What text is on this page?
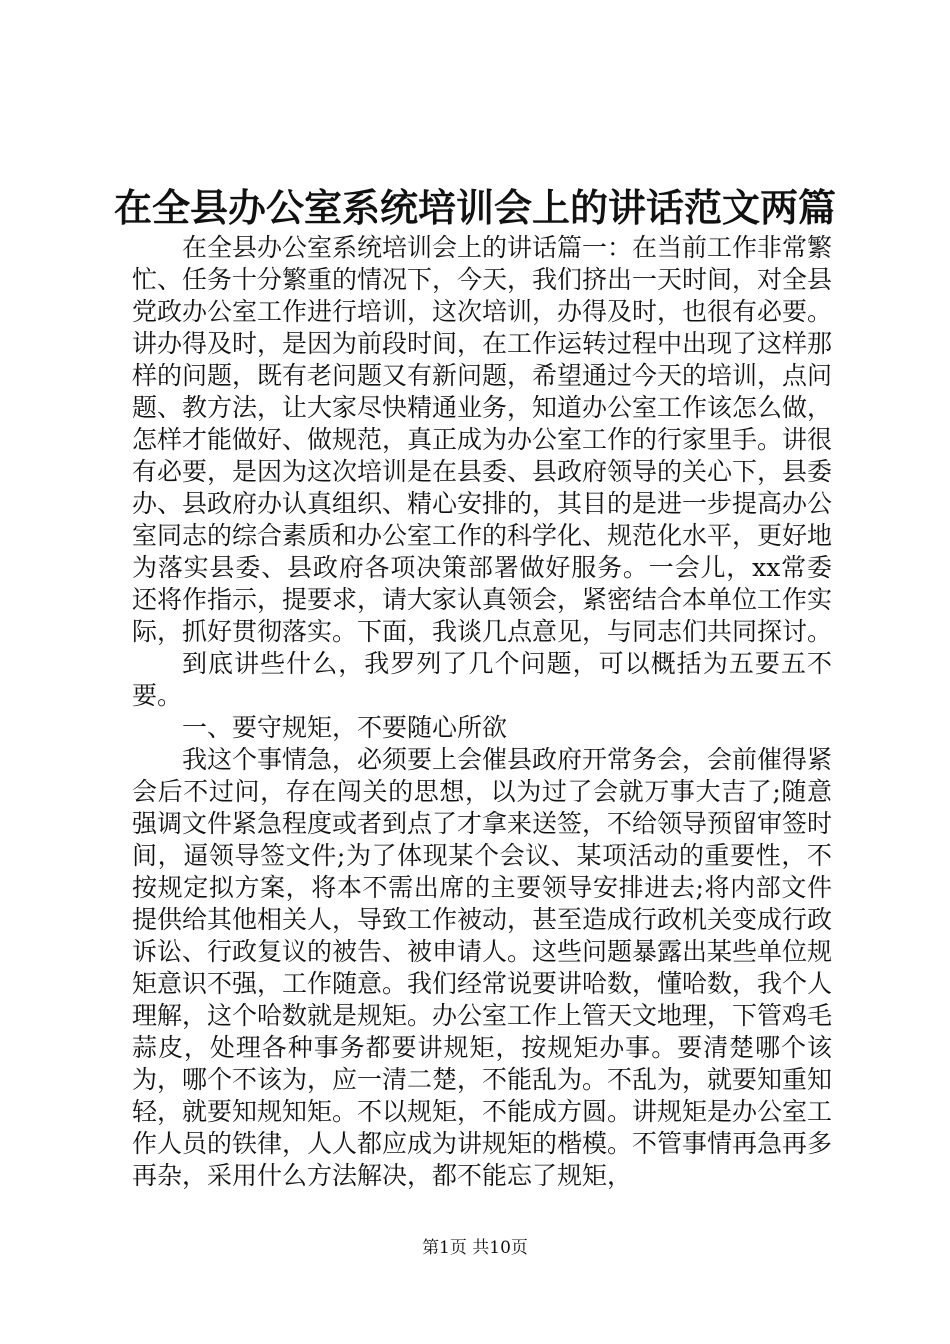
在全县办公室系统培训会上的讲话范文两篇

在全县办公室系统培训会上的讲话篇一：在当前工作非常繁忙、任务十分繁重的情况下，今天，我们挤出一天时间，对全县党政办公室工作进行培训，这次培训，办得及时，也很有必要。讲办得及时，是因为前段时间，在工作运转过程中出现了这样那样的问题，既有老问题又有新问题，希望通过今天的培训，点问题、教方法，让大家尽快精通业务，知道办公室工作该怎么做，怎样才能做好、做规范，真正成为办公室工作的行家里手。讲很有必要，是因为这次培训是在县委、县政府领导的关心下，县委办、县政府办认真组织、精心安排的，其目的是进一步提高办公室同志的综合素质和办公室工作的科学化、规范化水平，更好地为落实县委、县政府各项决策部署做好服务。一会儿，xx常委还将作指示，提要求，请大家认真领会，紧密结合本单位工作实际，抓好贯彻落实。下面，我谈几点意见，与同志们共同探讨。

到底讲些什么，我罗列了几个问题，可以概括为五要五不要。

一、要守规矩，不要随心所欲

我这个事情急，必须要上会催县政府开常务会，会前催得紧会后不过问，存在闯关的思想，以为过了会就万事大吉了;随意强调文件紧急程度或者到点了才拿来送签，不给领导预留审签时间，逼领导签文件;为了体现某个会议、某项活动的重要性，不按规定拟方案，将本不需出席的主要领导安排进去;将内部文件提供给其他相关人，导致工作被动，甚至造成行政机关变成行政诉讼、行政复议的被告、被申请人。这些问题暴露出某些单位规矩意识不强，工作随意。我们经常说要讲哈数，懂哈数，我个人理解，这个哈数就是规矩。办公室工作上管天文地理，下管鸡毛蒜皮，处理各种事务都要讲规矩，按规矩办事。要清楚哪个该为，哪个不该为，应一清二楚，不能乱为。不乱为，就要知重知轻，就要知规知矩。不以规矩，不能成方圆。讲规矩是办公室工作人员的铁律，人人都应成为讲规矩的楷模。不管事情再急再多再杂，采用什么方法解决，都不能忘了规矩，

第1页 共10页
